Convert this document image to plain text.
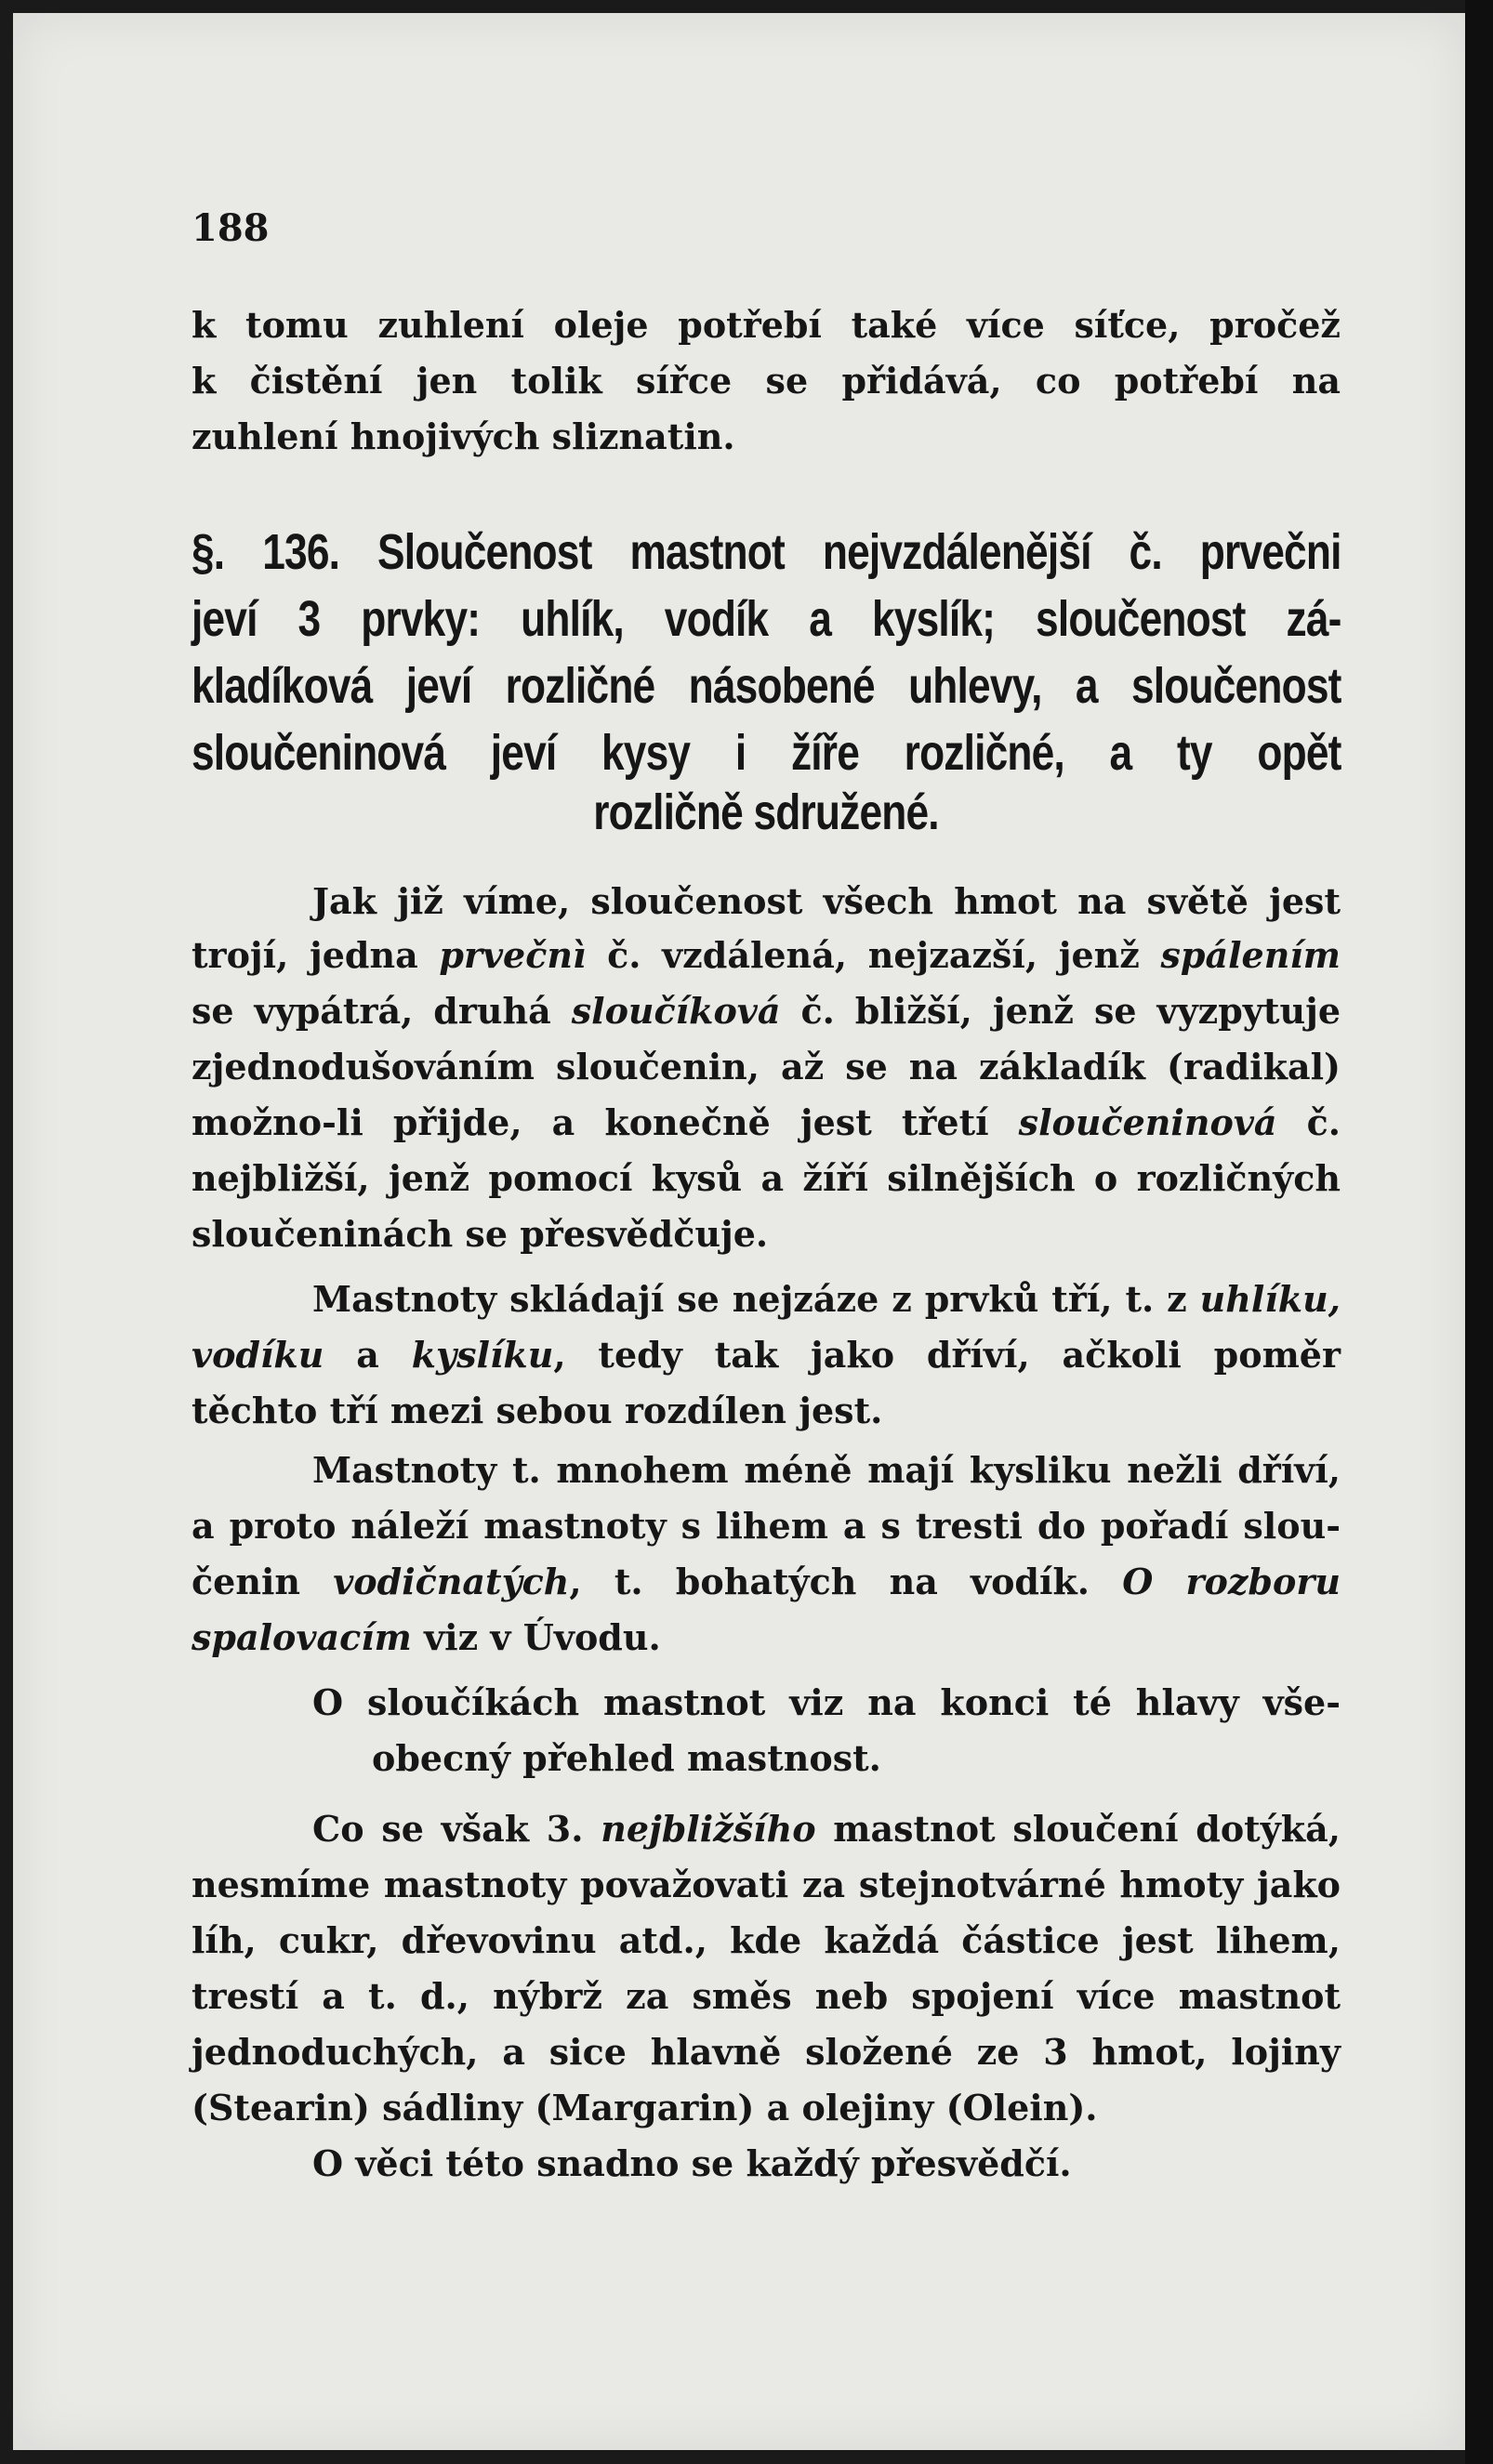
188
k tomu zuhlení oleje potřebí také více síťce, pročež
k čistění jen tolik sířce se přidává, co potřebí na
zuhlení hnojivých sliznatin.
§. 136. Sloučenost mastnot nejvzdálenější č. prvečni
jeví 3 prvky: uhlík, vodík a kyslík; sloučenost zá-
kladíková jeví rozličné násobené uhlevy, a sloučenost
sloučeninová jeví kysy i žíře rozličné, a ty opět
rozličně sdružené.
Jak již víme, sloučenost všech hmot na světě jest
trojí, jedna prvečnì č. vzdálená, nejzazší, jenž spálením
se vypátrá, druhá sloučíková č. bližší, jenž se vyzpytuje
zjednodušováním sloučenin, až se na základík (radikal)
možno-li přijde, a konečně jest třetí sloučeninová č.
nejbližší, jenž pomocí kysů a žíří silnějších o rozličných
sloučeninách se přesvědčuje.
Mastnoty skládají se nejzáze z prvků tří, t. z uhlíku,
vodíku a kyslíku, tedy tak jako dříví, ačkoli poměr
těchto tří mezi sebou rozdílen jest.
Mastnoty t. mnohem méně mají kysliku nežli dříví,
a proto náleží mastnoty s lihem a s tresti do pořadí slou-
čenin vodičnatých, t. bohatých na vodík. O rozboru
spalovacím viz v Úvodu.
O sloučíkách mastnot viz na konci té hlavy vše-
obecný přehled mastnost.
Co se však 3. nejbližšího mastnot sloučení dotýká,
nesmíme mastnoty považovati za stejnotvárné hmoty jako
líh, cukr, dřevovinu atd., kde každá částice jest lihem,
trestí a t. d., nýbrž za směs neb spojení více mastnot
jednoduchých, a sice hlavně složené ze 3 hmot, lojiny
(Stearin) sádliny (Margarin) a olejiny (Olein).
O věci této snadno se každý přesvědčí.
